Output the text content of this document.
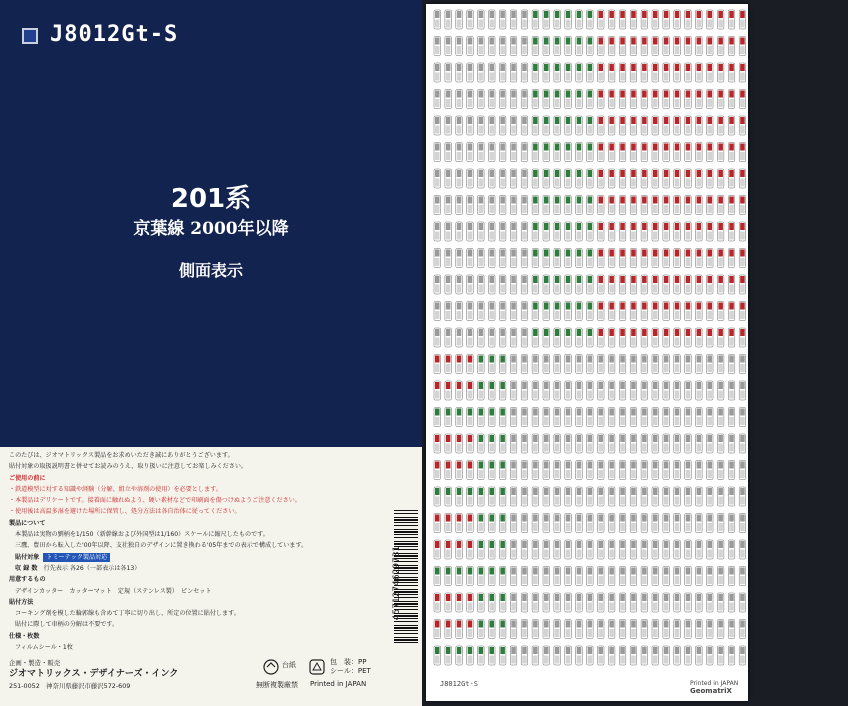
J8012Gt-S
201系
京葉線 2000年以降
側面表示
このたびは、ジオマトリックス製品をお求めいただき誠にありがとうございます。
貼付対象の取扱説明書と併せてお読みのうえ、取り扱いに注意してお楽しみください。
ご使用の前に
・鉄道模型に対する知識や経験（分解、組立や溶剤の使用）を必要とします。
・本製品はデリケートです。接着面に触れぬよう、硬い素材などで印刷面を傷つけぬようご注意ください。
・使用後は高温多湿を避けた場所に保管し、処分方法は各自治体に従ってください。
製品について
本製品は実物の劉柄を1/150（新幹線および外国型は1/160）スケールに縮尺したものです。
三鷹、豊田から転入した'00年以降、支社独自のデザインに置き換わる'05年までの表示で構成しています。
貼付対象 トミーテック製品対応
収 録 数　 行先表示 各26（一部表示は各13）
用意するもの
デザインカッター　カッターマット　定規（ステンレス製）　ピンセット
貼付方法
コーキング剤を模した輪郭線も含めて丁寧に切り出し、所定の位置に貼付します。
貼付に際して車柄の分解は不要です。
仕様・枚数
フィルムシール・1枚
企画・製造・販売
ジオマトリックス・デザイナーズ・インク
251-0052　神奈川県藤沢市藤沢572-609
台紙	包　装：PP
シール：PET
無断複製厳禁 Printed in JAPAN
4571274629731
J8012Gt-S	Printed in JAPAN GeomatriX
